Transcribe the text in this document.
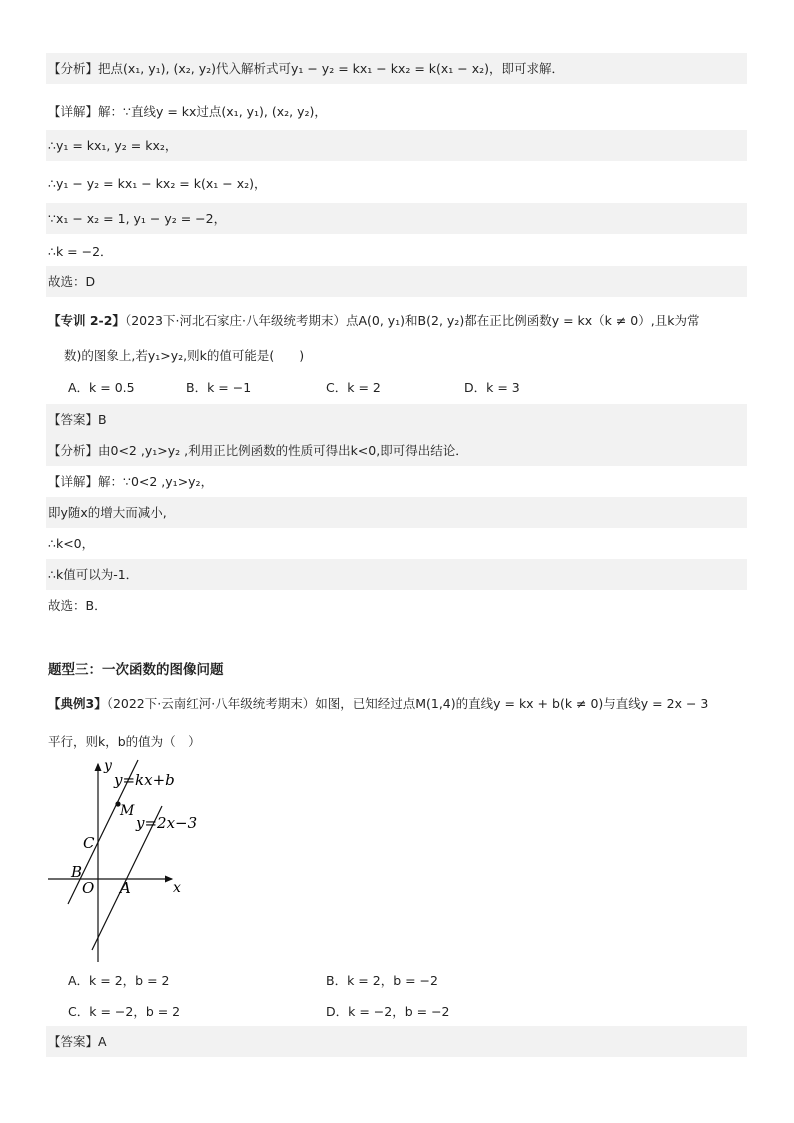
【分析】把点(x₁, y₁), (x₂, y₂)代入解析式可y₁ − y₂ = kx₁ − kx₂ = k(x₁ − x₂)，即可求解．
【详解】解：∵直线y = kx过点(x₁, y₁), (x₂, y₂)，
∴y₁ = kx₁, y₂ = kx₂，
∴y₁ − y₂ = kx₁ − kx₂ = k(x₁ − x₂)，
∵x₁ − x₂ = 1, y₁ − y₂ = −2，
∴k = −2．
故选：D
【专训 2-2】（2023下·河北石家庄·八年级统考期末）点A(0, y₁)和B(2, y₂)都在正比例函数y = kx（k ≠ 0）,且k为常
数)的图象上,若y₁>y₂,则k的值可能是(　　)
A．k = 0.5	B．k = −1	C．k = 2	D．k = 3
【答案】B
【分析】由0<2 ,y₁>y₂ ,利用正比例函数的性质可得出k<0,即可得出结论．
【详解】解：∵0<2 ,y₁>y₂，
即y随x的增大而减小,
∴k<0，
∴k值可以为-1．
故选：B．
题型三：一次函数的图像问题
【典例3】（2022下·云南红河·八年级统考期末）如图，已知经过点M(1,4)的直线y = kx + b(k ≠ 0)与直线y = 2x − 3
平行，则k，b的值为（　）
y
x
y=kx+b
y=2x−3
M
C
B
O A
A．k = 2，b = 2	B．k = 2，b = −2
C．k = −2，b = 2	D．k = −2，b = −2
【答案】A
